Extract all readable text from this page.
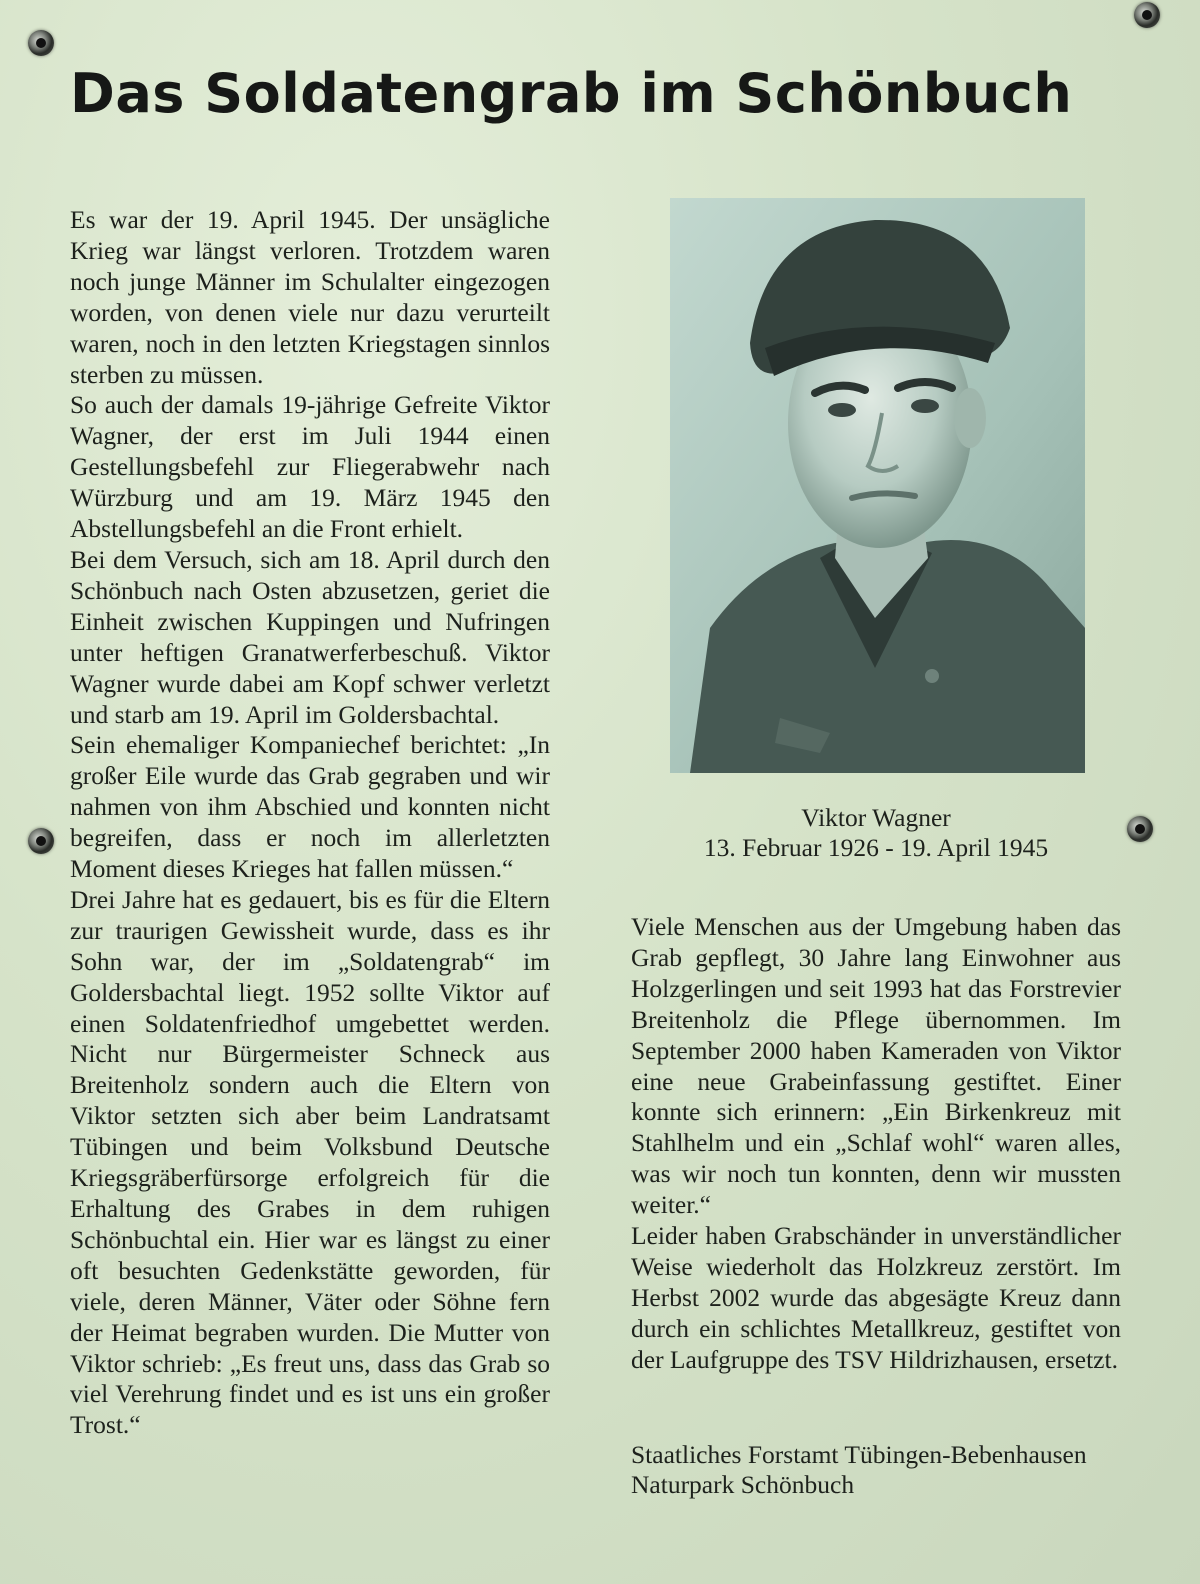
Das Soldatengrab im Schönbuch

Es war der 19. April 1945. Der unsägliche Krieg war längst verloren. Trotzdem waren noch junge Männer im Schulalter eingezogen worden, von denen viele nur dazu verurteilt waren, noch in den letzten Kriegstagen sinnlos sterben zu müssen.

So auch der damals 19-jährige Gefreite Viktor Wagner, der erst im Juli 1944 einen Gestellungsbefehl zur Fliegerabwehr nach Würzburg und am 19. März 1945 den Abstellungsbefehl an die Front erhielt.

Bei dem Versuch, sich am 18. April durch den Schönbuch nach Osten abzusetzen, geriet die Einheit zwischen Kuppingen und Nufringen unter heftigen Granatwerferbeschuß. Viktor Wagner wurde dabei am Kopf schwer verletzt und starb am 19. April im Goldersbachtal.

Sein ehemaliger Kompaniechef berichtet: „In großer Eile wurde das Grab gegraben und wir nahmen von ihm Abschied und konnten nicht begreifen, dass er noch im allerletzten Moment dieses Krieges hat fallen müssen.“

Drei Jahre hat es gedauert, bis es für die Eltern zur traurigen Gewissheit wurde, dass es ihr Sohn war, der im „Soldatengrab“ im Goldersbachtal liegt. 1952 sollte Viktor auf einen Soldatenfriedhof umgebettet werden. Nicht nur Bürgermeister Schneck aus Breitenholz sondern auch die Eltern von Viktor setzten sich aber beim Landratsamt Tübingen und beim Volksbund Deutsche Kriegsgräberfürsorge erfolgreich für die Erhaltung des Grabes in dem ruhigen Schönbuchtal ein. Hier war es längst zu einer oft besuchten Gedenkstätte geworden, für viele, deren Männer, Väter oder Söhne fern der Heimat begraben wurden. Die Mutter von Viktor schrieb: „Es freut uns, dass das Grab so viel Verehrung findet und es ist uns ein großer Trost.“

Viktor Wagner
13. Februar 1926 - 19. April 1945

Viele Menschen aus der Umgebung haben das Grab gepflegt, 30 Jahre lang Einwohner aus Holzgerlingen und seit 1993 hat das Forstrevier Breitenholz die Pflege übernommen. Im September 2000 haben Kameraden von Viktor eine neue Grabeinfassung gestiftet. Einer konnte sich erinnern: „Ein Birkenkreuz mit Stahlhelm und ein „Schlaf wohl“ waren alles, was wir noch tun konnten, denn wir mussten weiter.“

Leider haben Grabschänder in unverständlicher Weise wiederholt das Holzkreuz zerstört. Im Herbst 2002 wurde das abgesägte Kreuz dann durch ein schlichtes Metallkreuz, gestiftet von der Laufgruppe des TSV Hildrizhausen, ersetzt.

Staatliches Forstamt Tübingen-Bebenhausen
Naturpark Schönbuch
